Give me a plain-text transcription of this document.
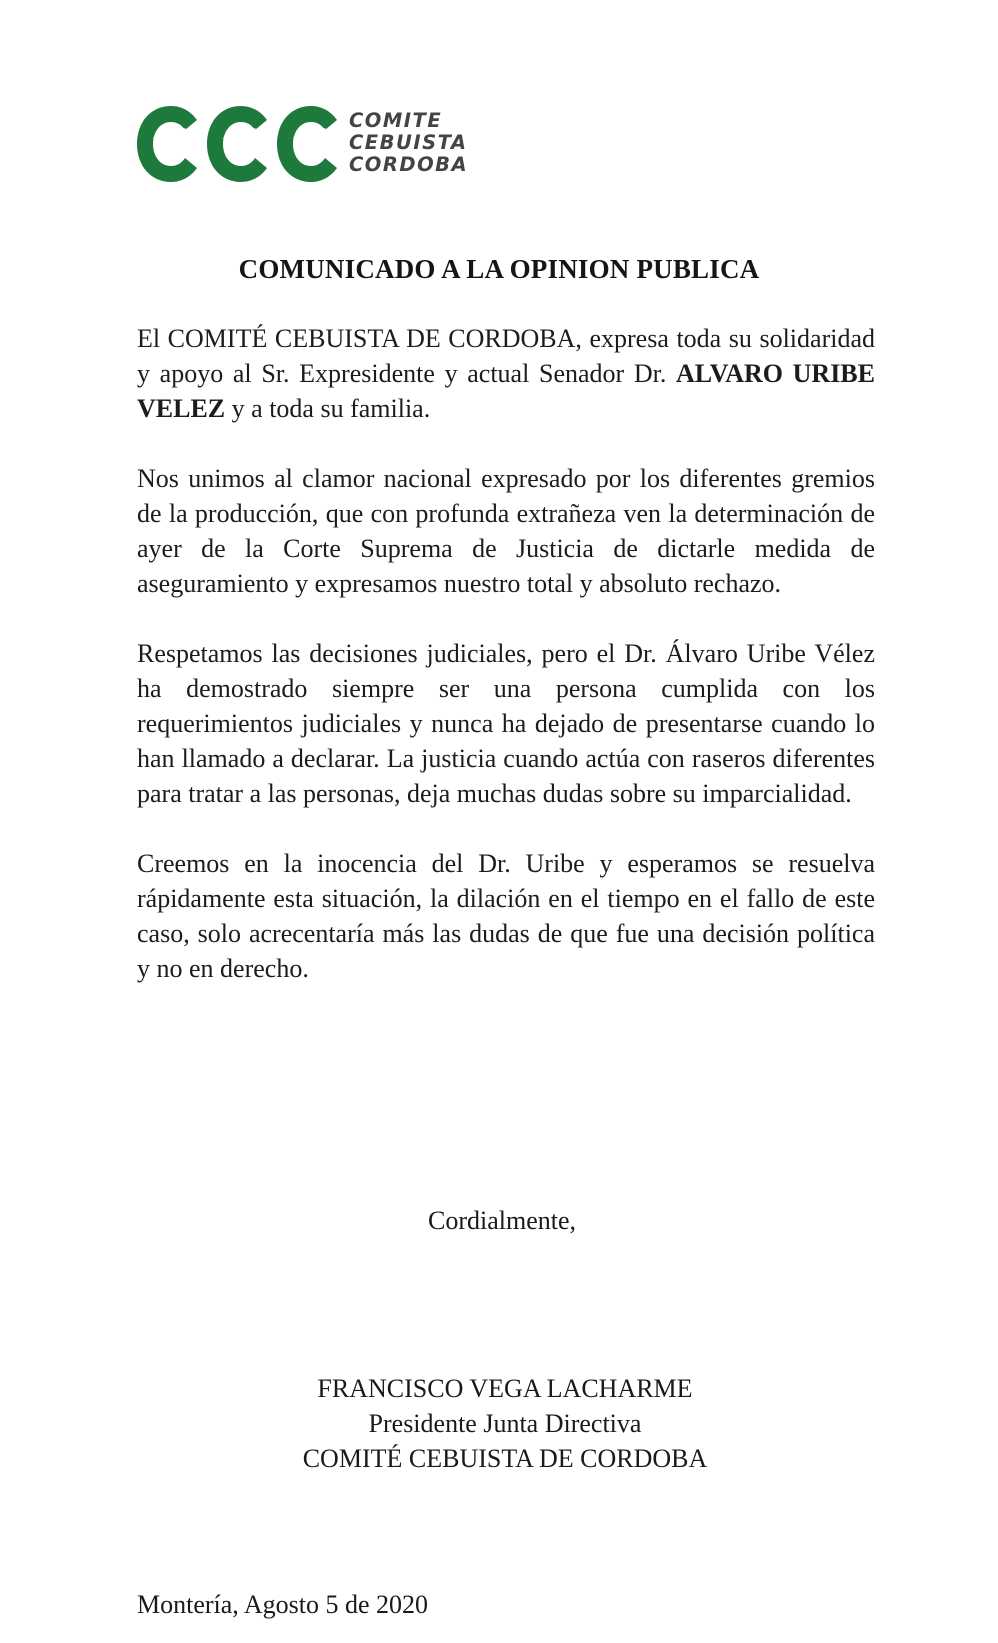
COMITE
CEBUISTA
CORDOBA
COMUNICADO A LA OPINION PUBLICA

El COMITÉ CEBUISTA DE CORDOBA, expresa toda su solidaridad y apoyo al Sr. Expresidente y actual Senador Dr. ALVARO URIBE VELEZ y a toda su familia.

Nos unimos al clamor nacional expresado por los diferentes gremios de la producción, que con profunda extrañeza ven la determinación de ayer de la Corte Suprema de Justicia de dictarle medida de aseguramiento y expresamos nuestro total y absoluto rechazo.

Respetamos las decisiones judiciales, pero el Dr. Álvaro Uribe Vélez ha demostrado siempre ser una persona cumplida con los requerimientos judiciales y nunca ha dejado de presentarse cuando lo han llamado a declarar. La justicia cuando actúa con raseros diferentes para tratar a las personas, deja muchas dudas sobre su imparcialidad.

Creemos en la inocencia del Dr. Uribe y esperamos se resuelva rápidamente esta situación, la dilación en el tiempo en el fallo de este caso, solo acrecentaría más las dudas de que fue una decisión política y no en derecho.

Cordialmente,
FRANCISCO VEGA LACHARME
Presidente Junta Directiva
COMITÉ CEBUISTA DE CORDOBA
Montería, Agosto 5 de 2020
